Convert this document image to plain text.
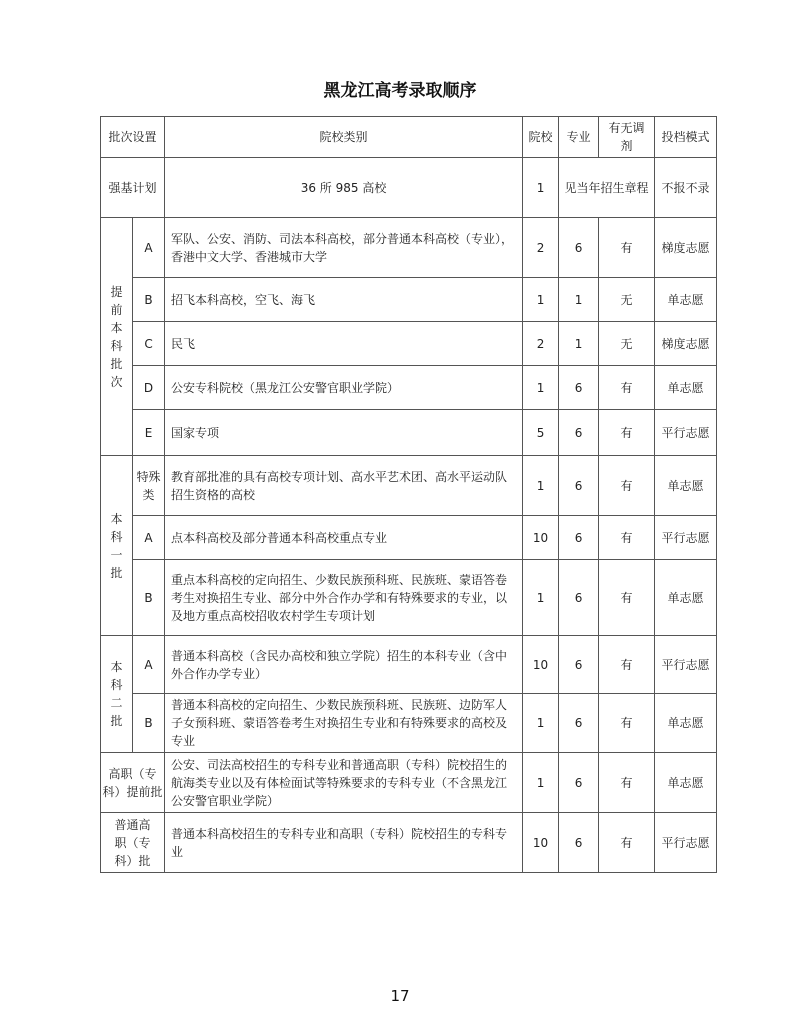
黑龙江高考录取顺序
批次设置		院校类别	院校	专业	有无调剂	投档模式
强基计划		36 所 985 高校	1	见当年招生章程		不报不录
提前本科批次	A	军队、公安、消防、司法本科高校，部分普通本科高校（专业），香港中文大学、香港城市大学	2	6	有	梯度志愿
	B	招飞本科高校，空飞、海飞	1	1	无	单志愿
	C	民飞	2	1	无	梯度志愿
	D	公安专科院校（黑龙江公安警官职业学院）	1	6	有	单志愿
	E	国家专项	5	6	有	平行志愿
本科一批	特殊类	教育部批准的具有高校专项计划、高水平艺术团、高水平运动队招生资格的高校	1	6	有	单志愿
	A	点本科高校及部分普通本科高校重点专业	10	6	有	平行志愿
	B	重点本科高校的定向招生、少数民族预科班、民族班、蒙语答卷考生对换招生专业、部分中外合作办学和有特殊要求的专业，以及地方重点高校招收农村学生专项计划	1	6	有	单志愿
本科二批	A	普通本科高校（含民办高校和独立学院）招生的本科专业（含中外合作办学专业）	10	6	有	平行志愿
	B	普通本科高校的定向招生、少数民族预科班、民族班、边防军人子女预科班、蒙语答卷考生对换招生专业和有特殊要求的高校及专业	1	6	有	单志愿
高职（专科）提前批		公安、司法高校招生的专科专业和普通高职（专科）院校招生的航海类专业以及有体检面试等特殊要求的专科专业（不含黑龙江公安警官职业学院）	1	6	有	单志愿
普通高职（专科）批		普通本科高校招生的专科专业和高职（专科）院校招生的专科专业	10	6	有	平行志愿
17
